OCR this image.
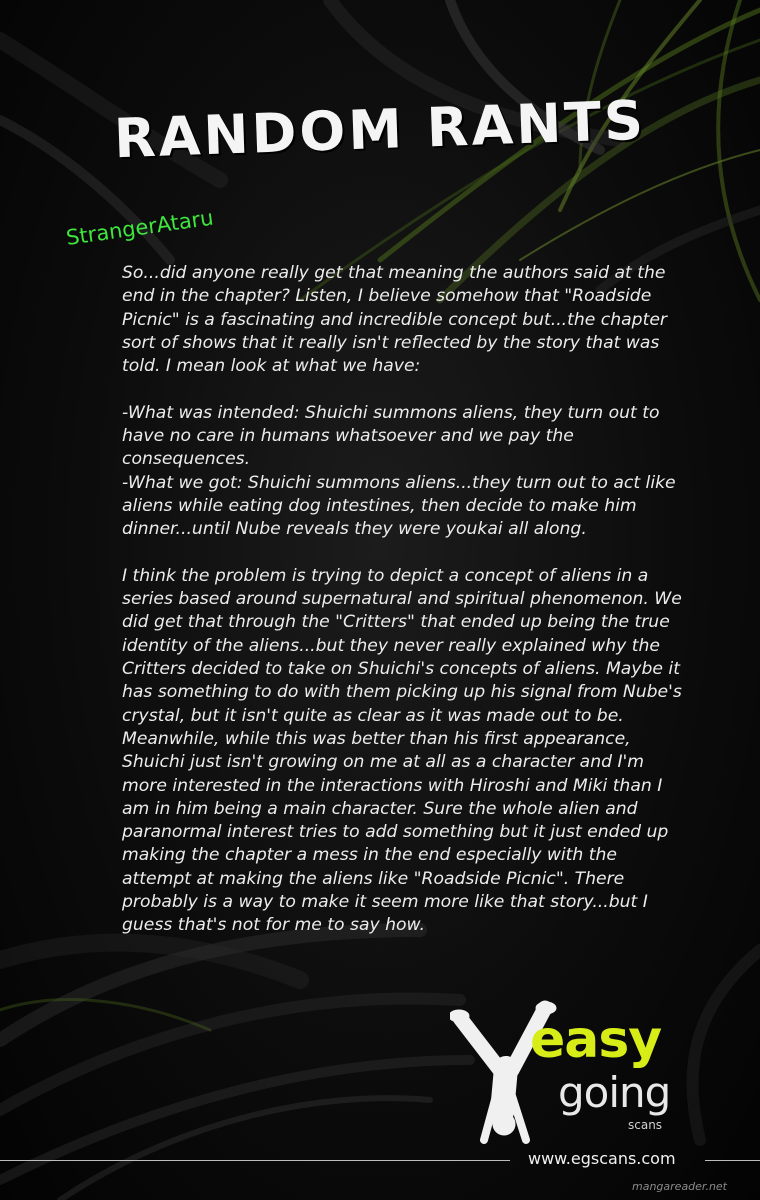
RANDOM RANTS
StrangerAtaru

So...did anyone really get that meaning the authors said at the end in the chapter? Listen, I believe somehow that "Roadside Picnic" is a fascinating and incredible concept but...the chapter sort of shows that it really isn't reflected by the story that was told. I mean look at what we have:

-What was intended: Shuichi summons aliens, they turn out to have no care in humans whatsoever and we pay the consequences.

-What we got: Shuichi summons aliens...they turn out to act like aliens while eating dog intestines, then decide to make him dinner...until Nube reveals they were youkai all along.

I think the problem is trying to depict a concept of aliens in a series based around supernatural and spiritual phenomenon. We did get that through the "Critters" that ended up being the true identity of the aliens...but they never really explained why the Critters decided to take on Shuichi's concepts of aliens. Maybe it has something to do with them picking up his signal from Nube's crystal, but it isn't quite as clear as it was made out to be. Meanwhile, while this was better than his first appearance, Shuichi just isn't growing on me at all as a character and I'm more interested in the interactions with Hiroshi and Miki than I am in him being a main character. Sure the whole alien and paranormal interest tries to add something but it just ended up making the chapter a mess in the end especially with the attempt at making the aliens like "Roadside Picnic". There probably is a way to make it seem more like that story...but I guess that's not for me to say how.

easy
going
scans
www.egscans.com
mangareader.net
